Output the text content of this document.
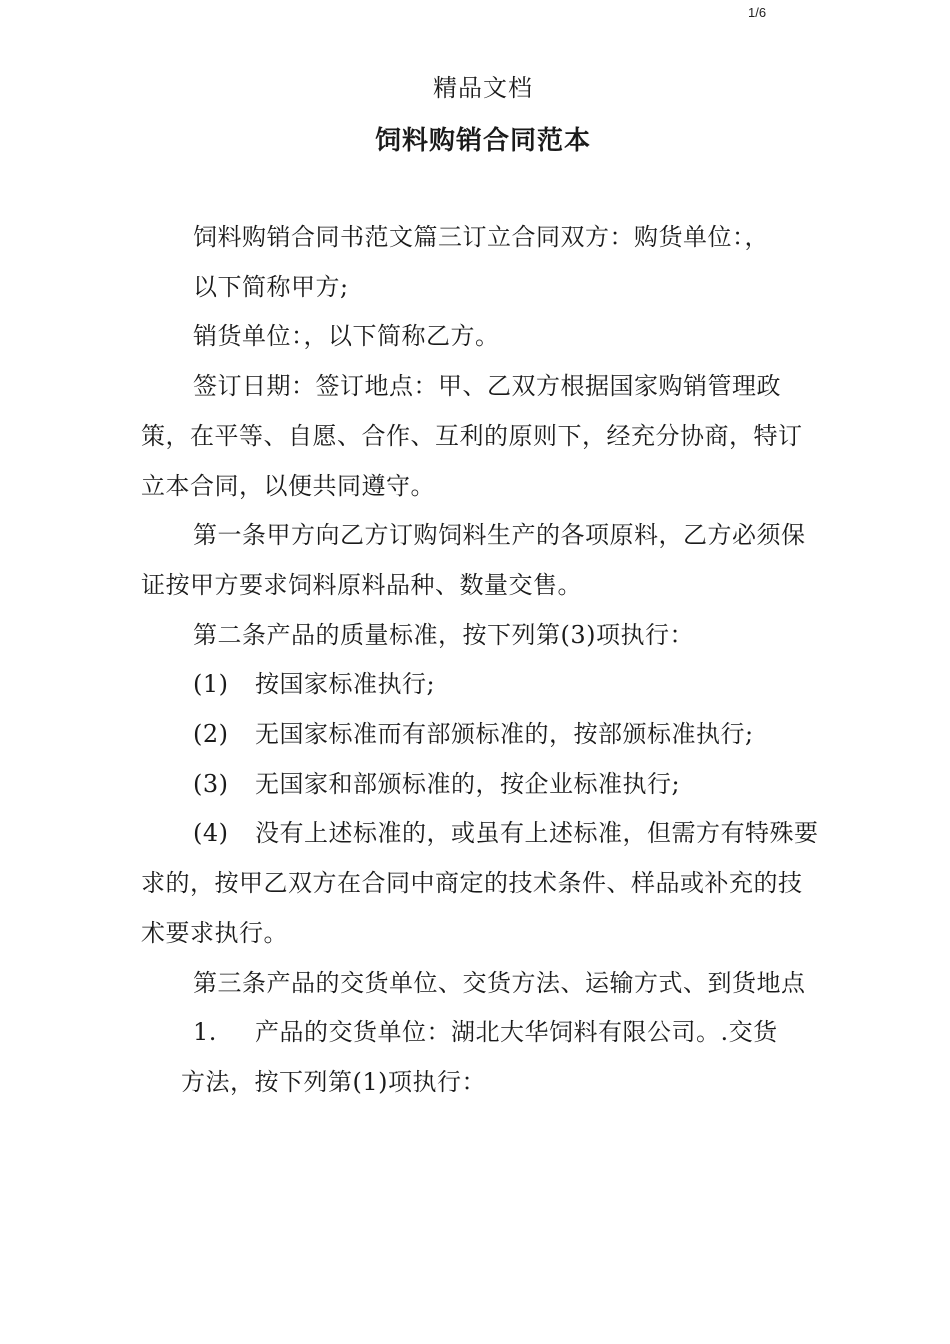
1/6
精品文档
饲料购销合同范本

饲料购销合同书范文篇三订立合同双方：购货单位：，

以下简称甲方;

销货单位：，以下简称乙方。

签订日期：签订地点：甲、乙双方根据国家购销管理政策，在平等、自愿、合作、互利的原则下，经充分协商，特订立本合同，以便共同遵守。

第一条甲方向乙方订购饲料生产的各项原料，乙方必须保证按甲方要求饲料原料品种、数量交售。

第二条产品的质量标准，按下列第(3)项执行：

(1) 按国家标准执行;

(2) 无国家标准而有部颁标准的，按部颁标准执行;

(3) 无国家和部颁标准的，按企业标准执行;

(4) 没有上述标准的，或虽有上述标准，但需方有特殊要求的，按甲乙双方在合同中商定的技术条件、样品或补充的技术要求执行。

第三条产品的交货单位、交货方法、运输方式、到货地点

1. 产品的交货单位：湖北大华饲料有限公司。.交货

方法，按下列第(1)项执行：
